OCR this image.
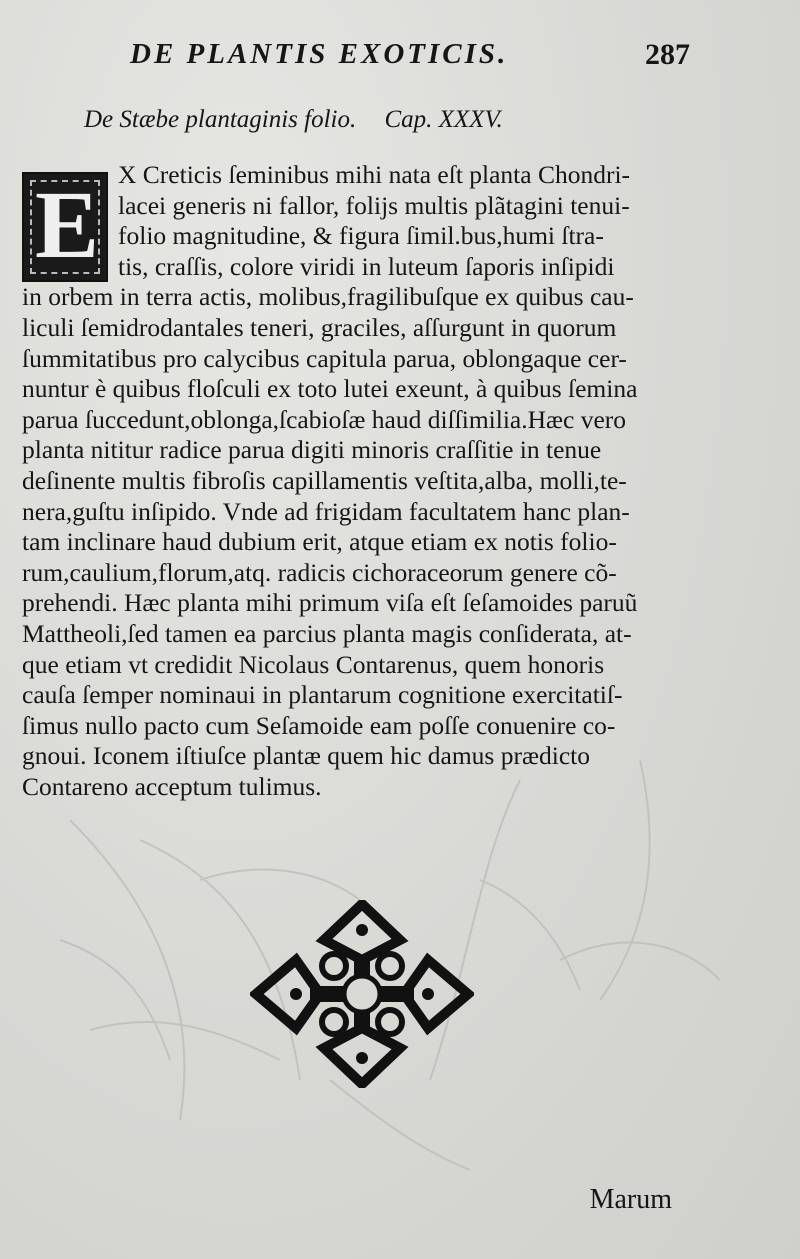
DE PLANTIS EXOTICIS.	287
De Stæbe plantaginis folio. Cap. XXXV.
E X Creticis ſeminibus mihi nata eſt planta Chondri-
lacei generis ni fallor, folijs multis plãtagini tenui-
folio magnitudine, & figura ſimil.bus,humi ſtra-
tis, craſſis, colore viridi in luteum ſaporis inſipidi
in orbem in terra actis, molibus,fragilibuſque ex quibus cau-
liculi ſemidrodantales teneri, graciles, aſſurgunt in quorum
ſummitatibus pro calycibus capitula parua, oblongaque cer-
nuntur è quibus floſculi ex toto lutei exeunt, à quibus ſemina
parua ſuccedunt,oblonga,ſcabioſæ haud diſſimilia.Hæc vero
planta nititur radice parua digiti minoris craſſitie in tenue
deſinente multis fibroſis capillamentis veſtita,alba, molli,te-
nera,guſtu inſipido. Vnde ad frigidam facultatem hanc plan-
tam inclinare haud dubium erit, atque etiam ex notis folio-
rum,caulium,florum,atq. radicis cichoraceorum genere cõ-
prehendi. Hæc planta mihi primum viſa eſt ſeſamoides paruũ
Mattheoli,ſed tamen ea parcius planta magis conſiderata, at-
que etiam vt credidit Nicolaus Contarenus, quem honoris
cauſa ſemper nominaui in plantarum cognitione exercitatiſ-
ſimus nullo pacto cum Seſamoide eam poſſe conuenire co-
gnoui. Iconem iſtiuſce plantæ quem hic damus prædicto
Contareno acceptum tulimus.
Marum
